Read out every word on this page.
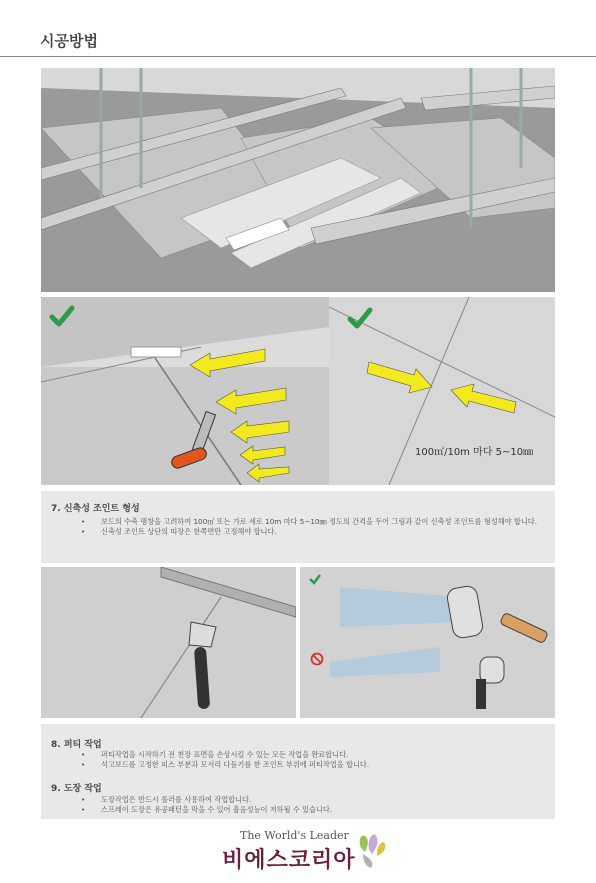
시공방법
100㎡/10m 마다 5~10㎜
7. 신축성 조인트 형성
• 보드의 수축 팽창을 고려하여 100㎡ 또는 가로 세로 10m 마다 5~10㎜ 정도의 간격을 두어 그림과 같이 신축성 조인트를 형성해야 합니다.
• 신축성 조인트 상단의 띠장은 한쪽면만 고정해야 합니다.
8. 퍼티 작업
• 퍼티작업을 시작하기 전 천장 표면을 손상시킬 수 있는 모든 작업을 완료합니다.
• 석고보드를 고정한 피스 부분과 모서리 다듬기를 한 조인트 부위에 퍼티작업을 합니다.
9. 도장 작업
• 도장작업은 반드시 롤러를 사용하여 작업합니다.
• 스프레이 도장은 유공패턴을 막을 수 있어 흡음성능이 저하될 수 있습니다.
The World's Leader
비에스코리아
